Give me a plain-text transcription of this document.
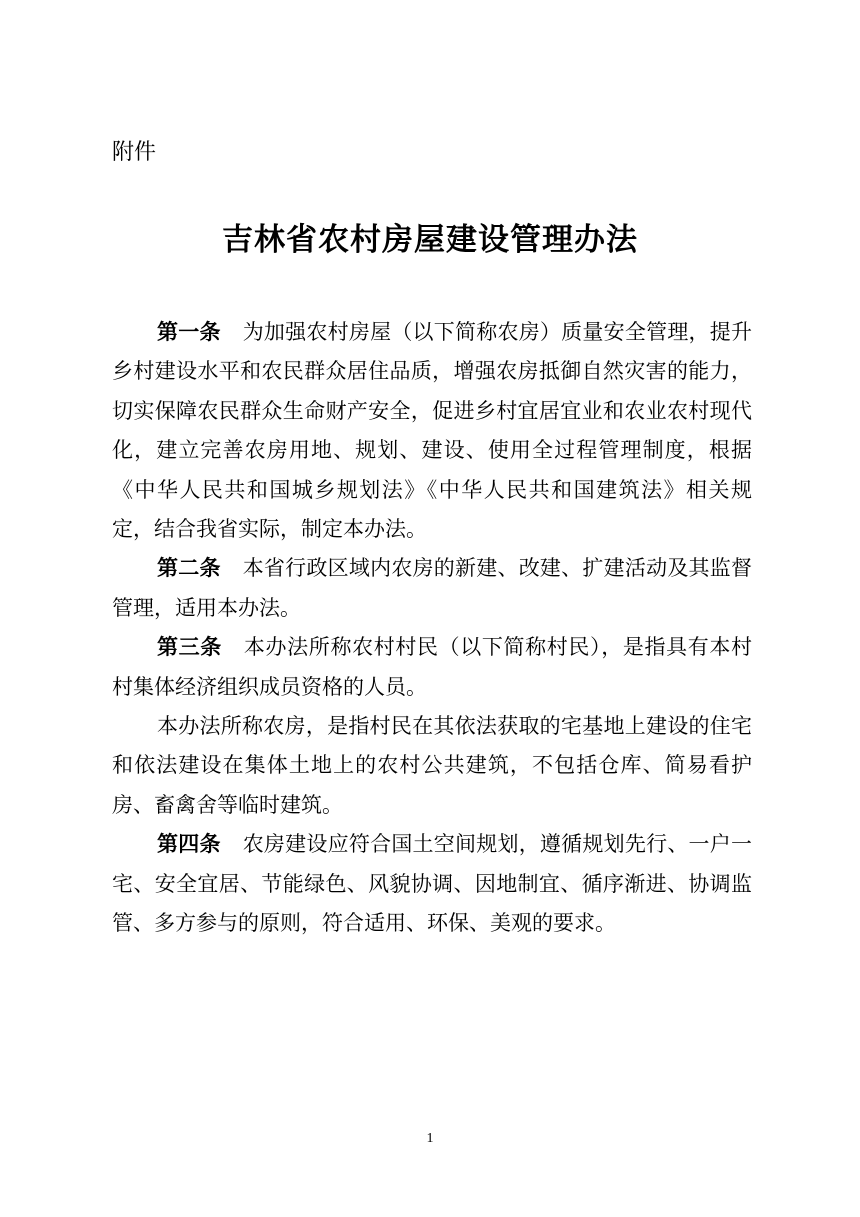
附件
吉林省农村房屋建设管理办法

第一条 为加强农村房屋（以下简称农房）质量安全管理，提升乡村建设水平和农民群众居住品质，增强农房抵御自然灾害的能力，切实保障农民群众生命财产安全，促进乡村宜居宜业和农业农村现代化，建立完善农房用地、规划、建设、使用全过程管理制度，根据《中华人民共和国城乡规划法》《中华人民共和国建筑法》相关规定，结合我省实际，制定本办法。

第二条 本省行政区域内农房的新建、改建、扩建活动及其监督管理，适用本办法。

第三条 本办法所称农村村民（以下简称村民），是指具有本村村集体经济组织成员资格的人员。

本办法所称农房，是指村民在其依法获取的宅基地上建设的住宅和依法建设在集体土地上的农村公共建筑，不包括仓库、简易看护房、畜禽舍等临时建筑。

第四条 农房建设应符合国土空间规划，遵循规划先行、一户一宅、安全宜居、节能绿色、风貌协调、因地制宜、循序渐进、协调监管、多方参与的原则，符合适用、环保、美观的要求。

1
